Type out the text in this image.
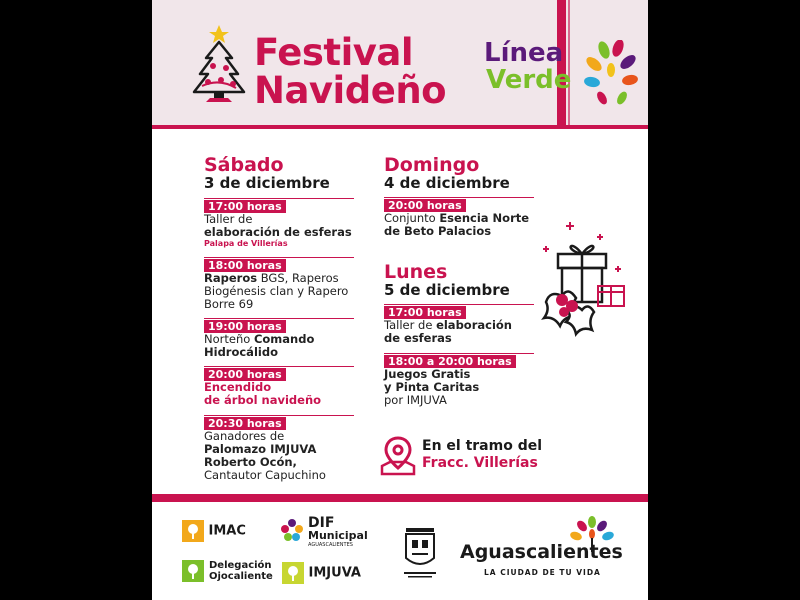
Festival
Navideño
Línea
Verde
Sábado
3 de diciembre
17:00 horas
Taller de
elaboración de esferas
Palapa de Villerías
18:00 horas
Raperos BGS, Raperos
Biogénesis clan y Rapero
Borre 69
19:00 horas
Norteño Comando
Hidrocálido
20:00 horas
Encendido
de árbol navideño
20:30 horas
Ganadores de
Palomazo IMJUVA
Roberto Ocón,
Cantautor Capuchino
Domingo
4 de diciembre
20:00 horas
Conjunto Esencia Norte
de Beto Palacios
Lunes
5 de diciembre
17:00 horas
Taller de elaboración
de esferas
18:00 a 20:00 horas
Juegos Gratis
y Pinta Caritas
por IMJUVA
En el tramo del
Fracc. Villerías
IMAC	DIF
Municipal
AGUASCALIENTES
Delegación
Ojocaliente	IMJUVA
Aguascalientes
LA CIUDAD DE TU VIDA
